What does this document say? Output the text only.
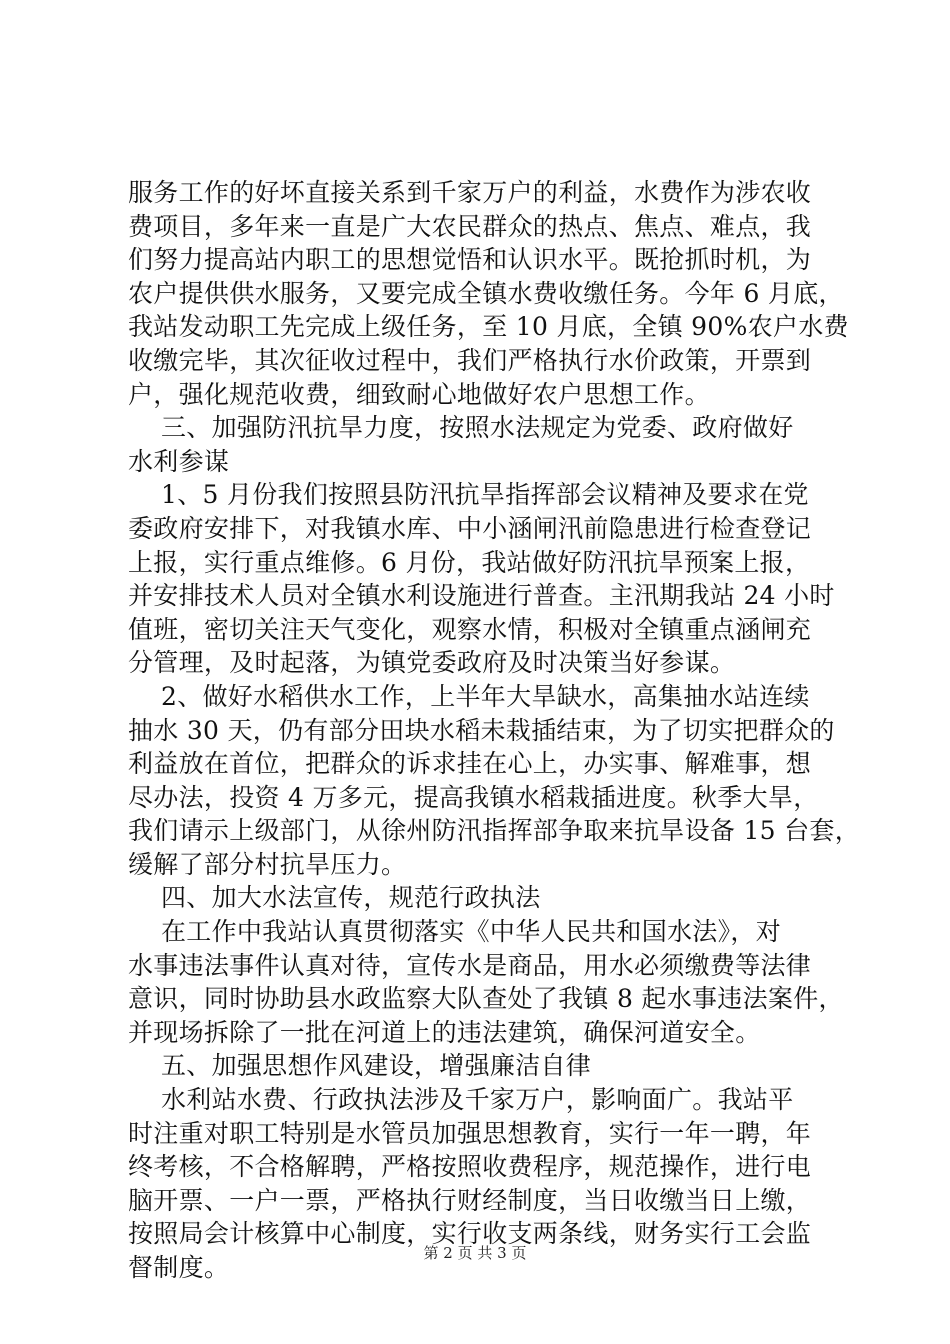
服务工作的好坏直接关系到千家万户的利益，水费作为涉农收
费项目，多年来一直是广大农民群众的热点、焦点、难点，我
们努力提高站内职工的思想觉悟和认识水平。既抢抓时机，为
农户提供供水服务，又要完成全镇水费收缴任务。今年 6 月底，
我站发动职工先完成上级任务，至 10 月底，全镇 90%农户水费
收缴完毕，其次征收过程中，我们严格执行水价政策，开票到
户，强化规范收费，细致耐心地做好农户思想工作。
三、加强防汛抗旱力度，按照水法规定为党委、政府做好
水利参谋
1、5 月份我们按照县防汛抗旱指挥部会议精神及要求在党
委政府安排下，对我镇水库、中小涵闸汛前隐患进行检查登记
上报，实行重点维修。6 月份，我站做好防汛抗旱预案上报，
并安排技术人员对全镇水利设施进行普查。主汛期我站 24 小时
值班，密切关注天气变化，观察水情，积极对全镇重点涵闸充
分管理，及时起落，为镇党委政府及时决策当好参谋。
2、做好水稻供水工作，上半年大旱缺水，高集抽水站连续
抽水 30 天，仍有部分田块水稻未栽插结束，为了切实把群众的
利益放在首位，把群众的诉求挂在心上，办实事、解难事，想
尽办法，投资 4 万多元，提高我镇水稻栽插进度。秋季大旱，
我们请示上级部门，从徐州防汛指挥部争取来抗旱设备 15 台套，
缓解了部分村抗旱压力。
四、加大水法宣传，规范行政执法
在工作中我站认真贯彻落实《中华人民共和国水法》，对
水事违法事件认真对待，宣传水是商品，用水必须缴费等法律
意识，同时协助县水政监察大队查处了我镇 8 起水事违法案件，
并现场拆除了一批在河道上的违法建筑，确保河道安全。
五、加强思想作风建设，增强廉洁自律
水利站水费、行政执法涉及千家万户，影响面广。我站平
时注重对职工特别是水管员加强思想教育，实行一年一聘，年
终考核，不合格解聘，严格按照收费程序，规范操作，进行电
脑开票、一户一票，严格执行财经制度，当日收缴当日上缴，
按照局会计核算中心制度，实行收支两条线，财务实行工会监
督制度。	第 2 页 共 3 页
